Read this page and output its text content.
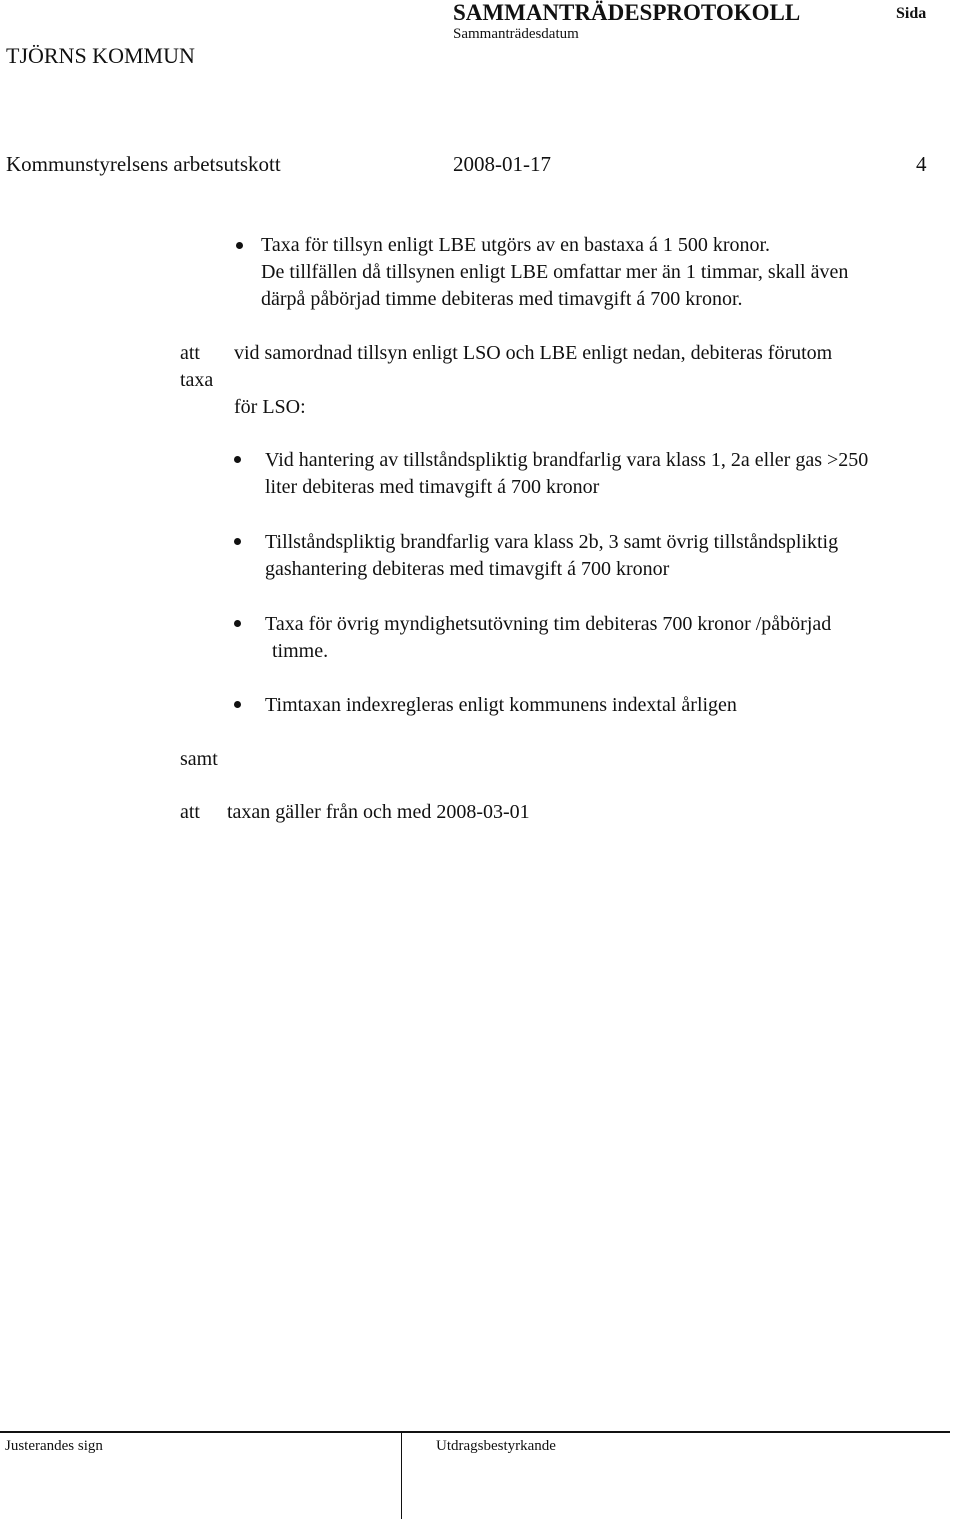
TJÖRNS KOMMUN
SAMMANTRÄDESPROTOKOLL
Sammanträdesdatum
Sida
Kommunstyrelsens arbetsutskott	2008-01-17	4
Taxa för tillsyn enligt LBE utgörs av en bastaxa á 1 500 kronor.
De tillfällen då tillsynen enligt LBE omfattar mer än 1 timmar, skall även
därpå påbörjad timme debiteras med timavgift á 700 kronor.
att
taxa
vid samordnad tillsyn enligt LSO och LBE enligt nedan, debiteras förutom
för LSO:
Vid hantering av tillståndspliktig brandfarlig vara klass 1, 2a eller gas >250
liter debiteras med timavgift á 700 kronor
Tillståndspliktig brandfarlig vara klass 2b, 3 samt övrig tillståndspliktig
gashantering debiteras med timavgift á 700 kronor
Taxa för övrig myndighetsutövning tim debiteras 700 kronor /påbörjad
timme.
Timtaxan indexregleras enligt kommunens indextal årligen
samt
att taxan gäller från och med 2008-03-01
Justerandes sign	Utdragsbestyrkande
